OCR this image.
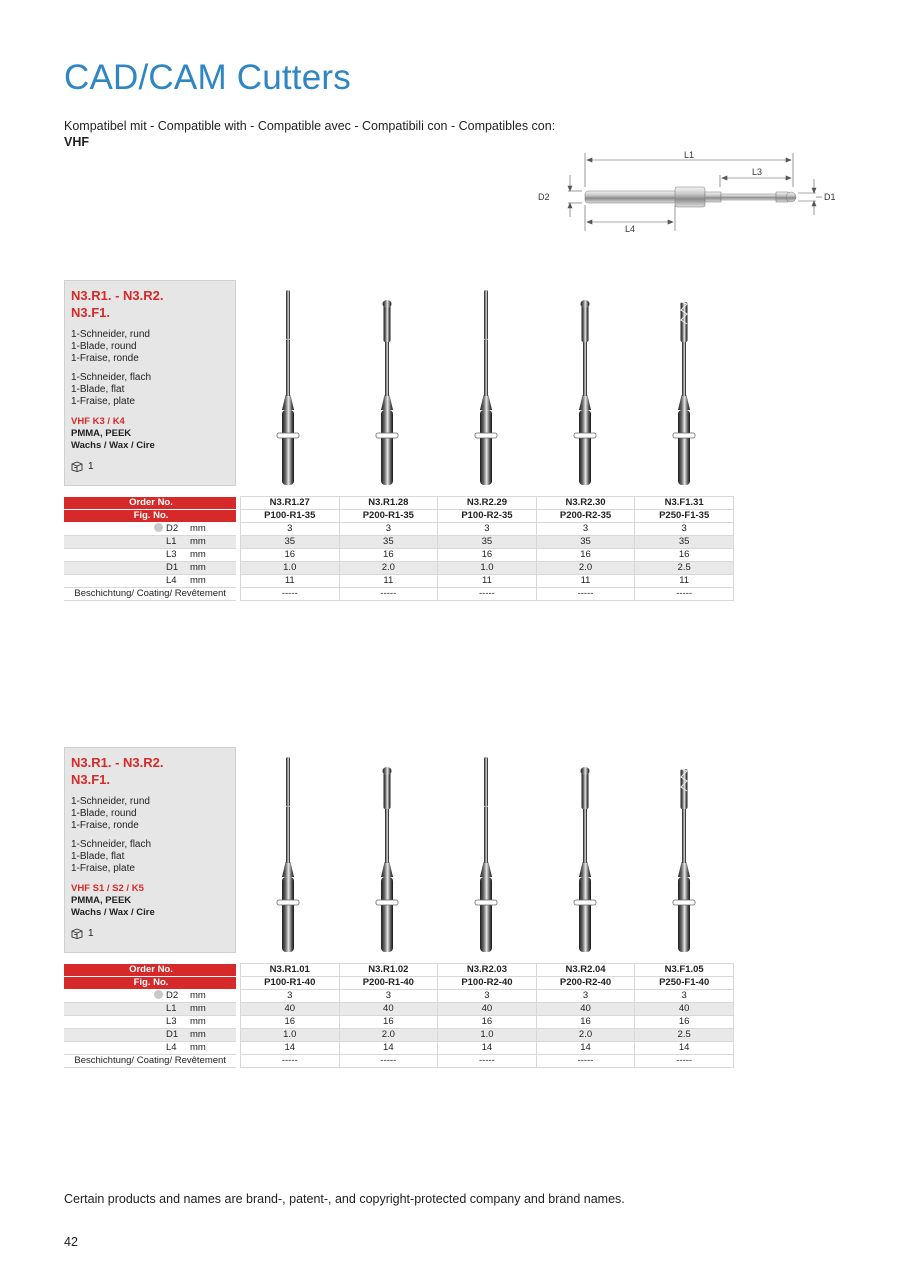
CAD/CAM Cutters
Kompatibel mit - Compatible with - Compatible avec - Compatibili con - Compatibles con:
VHF
L1
L3
L4
D2	D1
N3.R1. - N3.R2.
N3.F1.
1-Schneider, rund
1-Blade, round
1-Fraise, ronde
1-Schneider, flach
1-Blade, flat
1-Fraise, plate
VHF K3 / K4
PMMA, PEEK
Wachs / Wax / Cire
1
Order No.		N3.R1.27	N3.R1.28	N3.R2.29	N3.R2.30	N3.F1.31
Fig. No.		P100-R1-35	P200-R1-35	P100-R2-35	P200-R2-35	P250-F1-35
D2 mm		3	3	3	3	3
L1 mm		35	35	35	35	35
L3 mm		16	16	16	16	16
D1 mm		1.0	2.0	1.0	2.0	2.5
L4 mm		11	11	11	11	11
Beschichtung/ Coating/ Revêtement		-----	-----	-----	-----	-----
N3.R1. - N3.R2.
N3.F1.
1-Schneider, rund
1-Blade, round
1-Fraise, ronde
1-Schneider, flach
1-Blade, flat
1-Fraise, plate
VHF S1 / S2 / K5
PMMA, PEEK
Wachs / Wax / Cire
1
Order No.		N3.R1.01	N3.R1.02	N3.R2.03	N3.R2.04	N3.F1.05
Fig. No.		P100-R1-40	P200-R1-40	P100-R2-40	P200-R2-40	P250-F1-40
D2 mm		3	3	3	3	3
L1 mm		40	40	40	40	40
L3 mm		16	16	16	16	16
D1 mm		1.0	2.0	1.0	2.0	2.5
L4 mm		14	14	14	14	14
Beschichtung/ Coating/ Revêtement		-----	-----	-----	-----	-----
Certain products and names are brand-, patent-, and copyright-protected company and brand names.
42
